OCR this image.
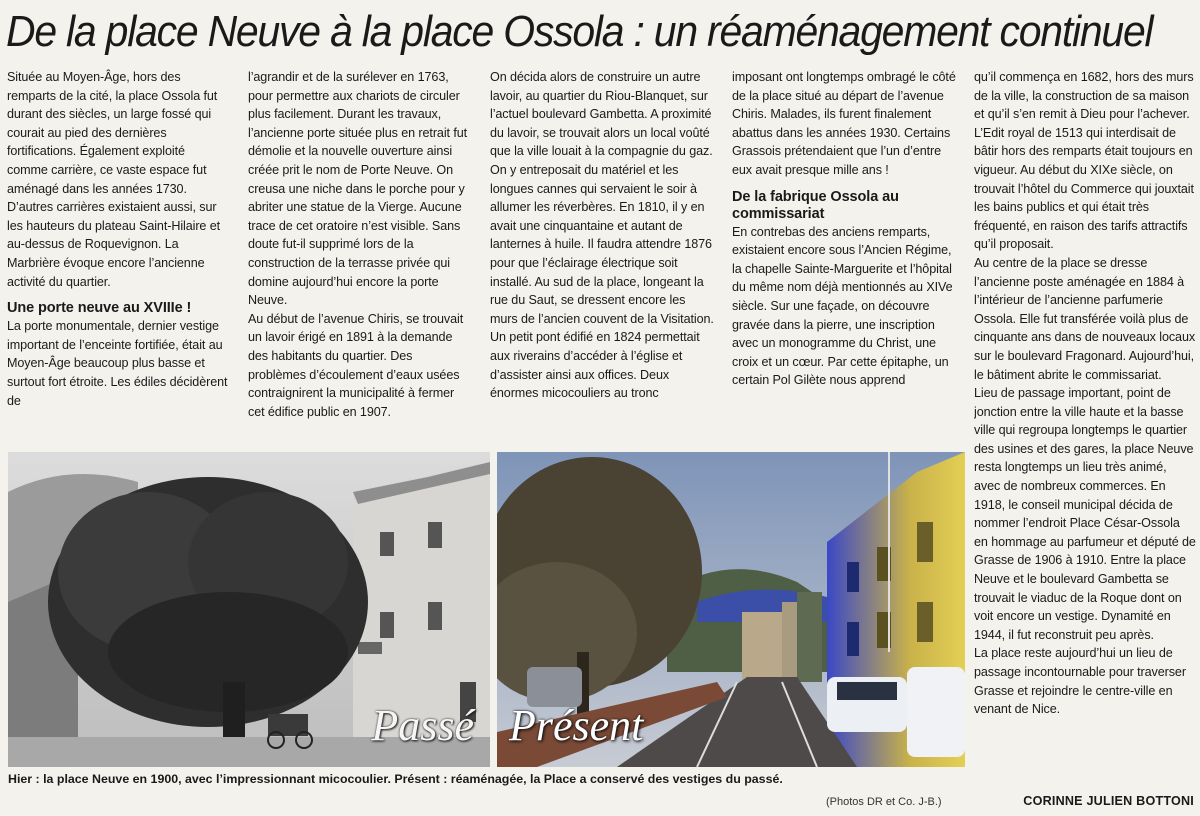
De la place Neuve à la place Ossola : un réaménagement continuel

Située au Moyen-Âge, hors des remparts de la cité, la place Ossola fut durant des siècles, un large fossé qui courait au pied des dernières fortifications. Également exploité comme carrière, ce vaste espace fut aménagé dans les années 1730. D’autres carrières existaient aussi, sur les hauteurs du plateau Saint-Hilaire et au-dessus de Roquevignon. La Marbrière évoque encore l’ancienne activité du quartier.

Une porte neuve au XVIIIe !

La porte monumentale, dernier vestige important de l’enceinte fortifiée, était au Moyen-Âge beaucoup plus basse et surtout fort étroite. Les édiles décidèrent de

l’agrandir et de la surélever en 1763, pour permettre aux chariots de circuler plus facilement. Durant les travaux, l’ancienne porte située plus en retrait fut démolie et la nouvelle ouverture ainsi créée prit le nom de Porte Neuve. On creusa une niche dans le porche pour y abriter une statue de la Vierge. Aucune trace de cet oratoire n’est visible. Sans doute fut-il supprimé lors de la construction de la terrasse privée qui domine aujourd’hui encore la porte Neuve.

Au début de l’avenue Chiris, se trouvait un lavoir érigé en 1891 à la demande des habitants du quartier. Des problèmes d’écoulement d’eaux usées contraignirent la municipalité à fermer cet édifice public en 1907.

On décida alors de construire un autre lavoir, au quartier du Riou-Blanquet, sur l’actuel boulevard Gambetta. A proximité du lavoir, se trouvait alors un local voûté que la ville louait à la compagnie du gaz. On y entreposait du matériel et les longues cannes qui servaient le soir à allumer les réverbères. En 1810, il y en avait une cinquantaine et autant de lanternes à huile. Il faudra attendre 1876 pour que l’éclairage électrique soit installé. Au sud de la place, longeant la rue du Saut, se dressent encore les murs de l’ancien couvent de la Visitation. Un petit pont édifié en 1824 permettait aux riverains d’accéder à l’église et d’assister ainsi aux offices. Deux énormes micocouliers au tronc

imposant ont longtemps ombragé le côté de la place situé au départ de l’avenue Chiris. Malades, ils furent finalement abattus dans les années 1930. Certains Grassois prétendaient que l’un d’entre eux avait presque mille ans !

De la fabrique Ossola au commissariat

En contrebas des anciens remparts, existaient encore sous l’Ancien Régime, la chapelle Sainte-Marguerite et l’hôpital du même nom déjà mentionnés au XIVe siècle. Sur une façade, on découvre gravée dans la pierre, une inscription avec un monogramme du Christ, une croix et un cœur. Par cette épitaphe, un certain Pol Gilète nous apprend

qu’il commença en 1682, hors des murs de la ville, la construction de sa maison et qu’il s’en remit à Dieu pour l’achever. L’Edit royal de 1513 qui interdisait de bâtir hors des remparts était toujours en vigueur. Au début du XIXe siècle, on trouvait l’hôtel du Commerce qui jouxtait les bains publics et qui était très fréquenté, en raison des tarifs attractifs qu’il proposait.

Au centre de la place se dresse l’ancienne poste aménagée en 1884 à l’intérieur de l’ancienne parfumerie Ossola. Elle fut transférée voilà plus de cinquante ans dans de nouveaux locaux sur le boulevard Fragonard. Aujourd’hui, le bâtiment abrite le commissariat.

Lieu de passage important, point de jonction entre la ville haute et la basse ville qui regroupa longtemps le quartier des usines et des gares, la place Neuve resta longtemps un lieu très animé, avec de nombreux commerces. En 1918, le conseil municipal décida de nommer l’endroit Place César-Ossola en hommage au parfumeur et député de Grasse de 1906 à 1910. Entre la place Neuve et le boulevard Gambetta se trouvait le viaduc de la Roque dont on voit encore un vestige. Dynamité en 1944, il fut reconstruit peu après.

La place reste aujourd’hui un lieu de passage incontournable pour traverser Grasse et rejoindre le centre-ville en venant de Nice.

Passé Présent
Hier : la place Neuve en 1900, avec l’impressionnant micocoulier. Présent : réaménagée, la Place a conservé des vestiges du passé.
(Photos DR et Co. J-B.)	CORINNE JULIEN BOTTONI
